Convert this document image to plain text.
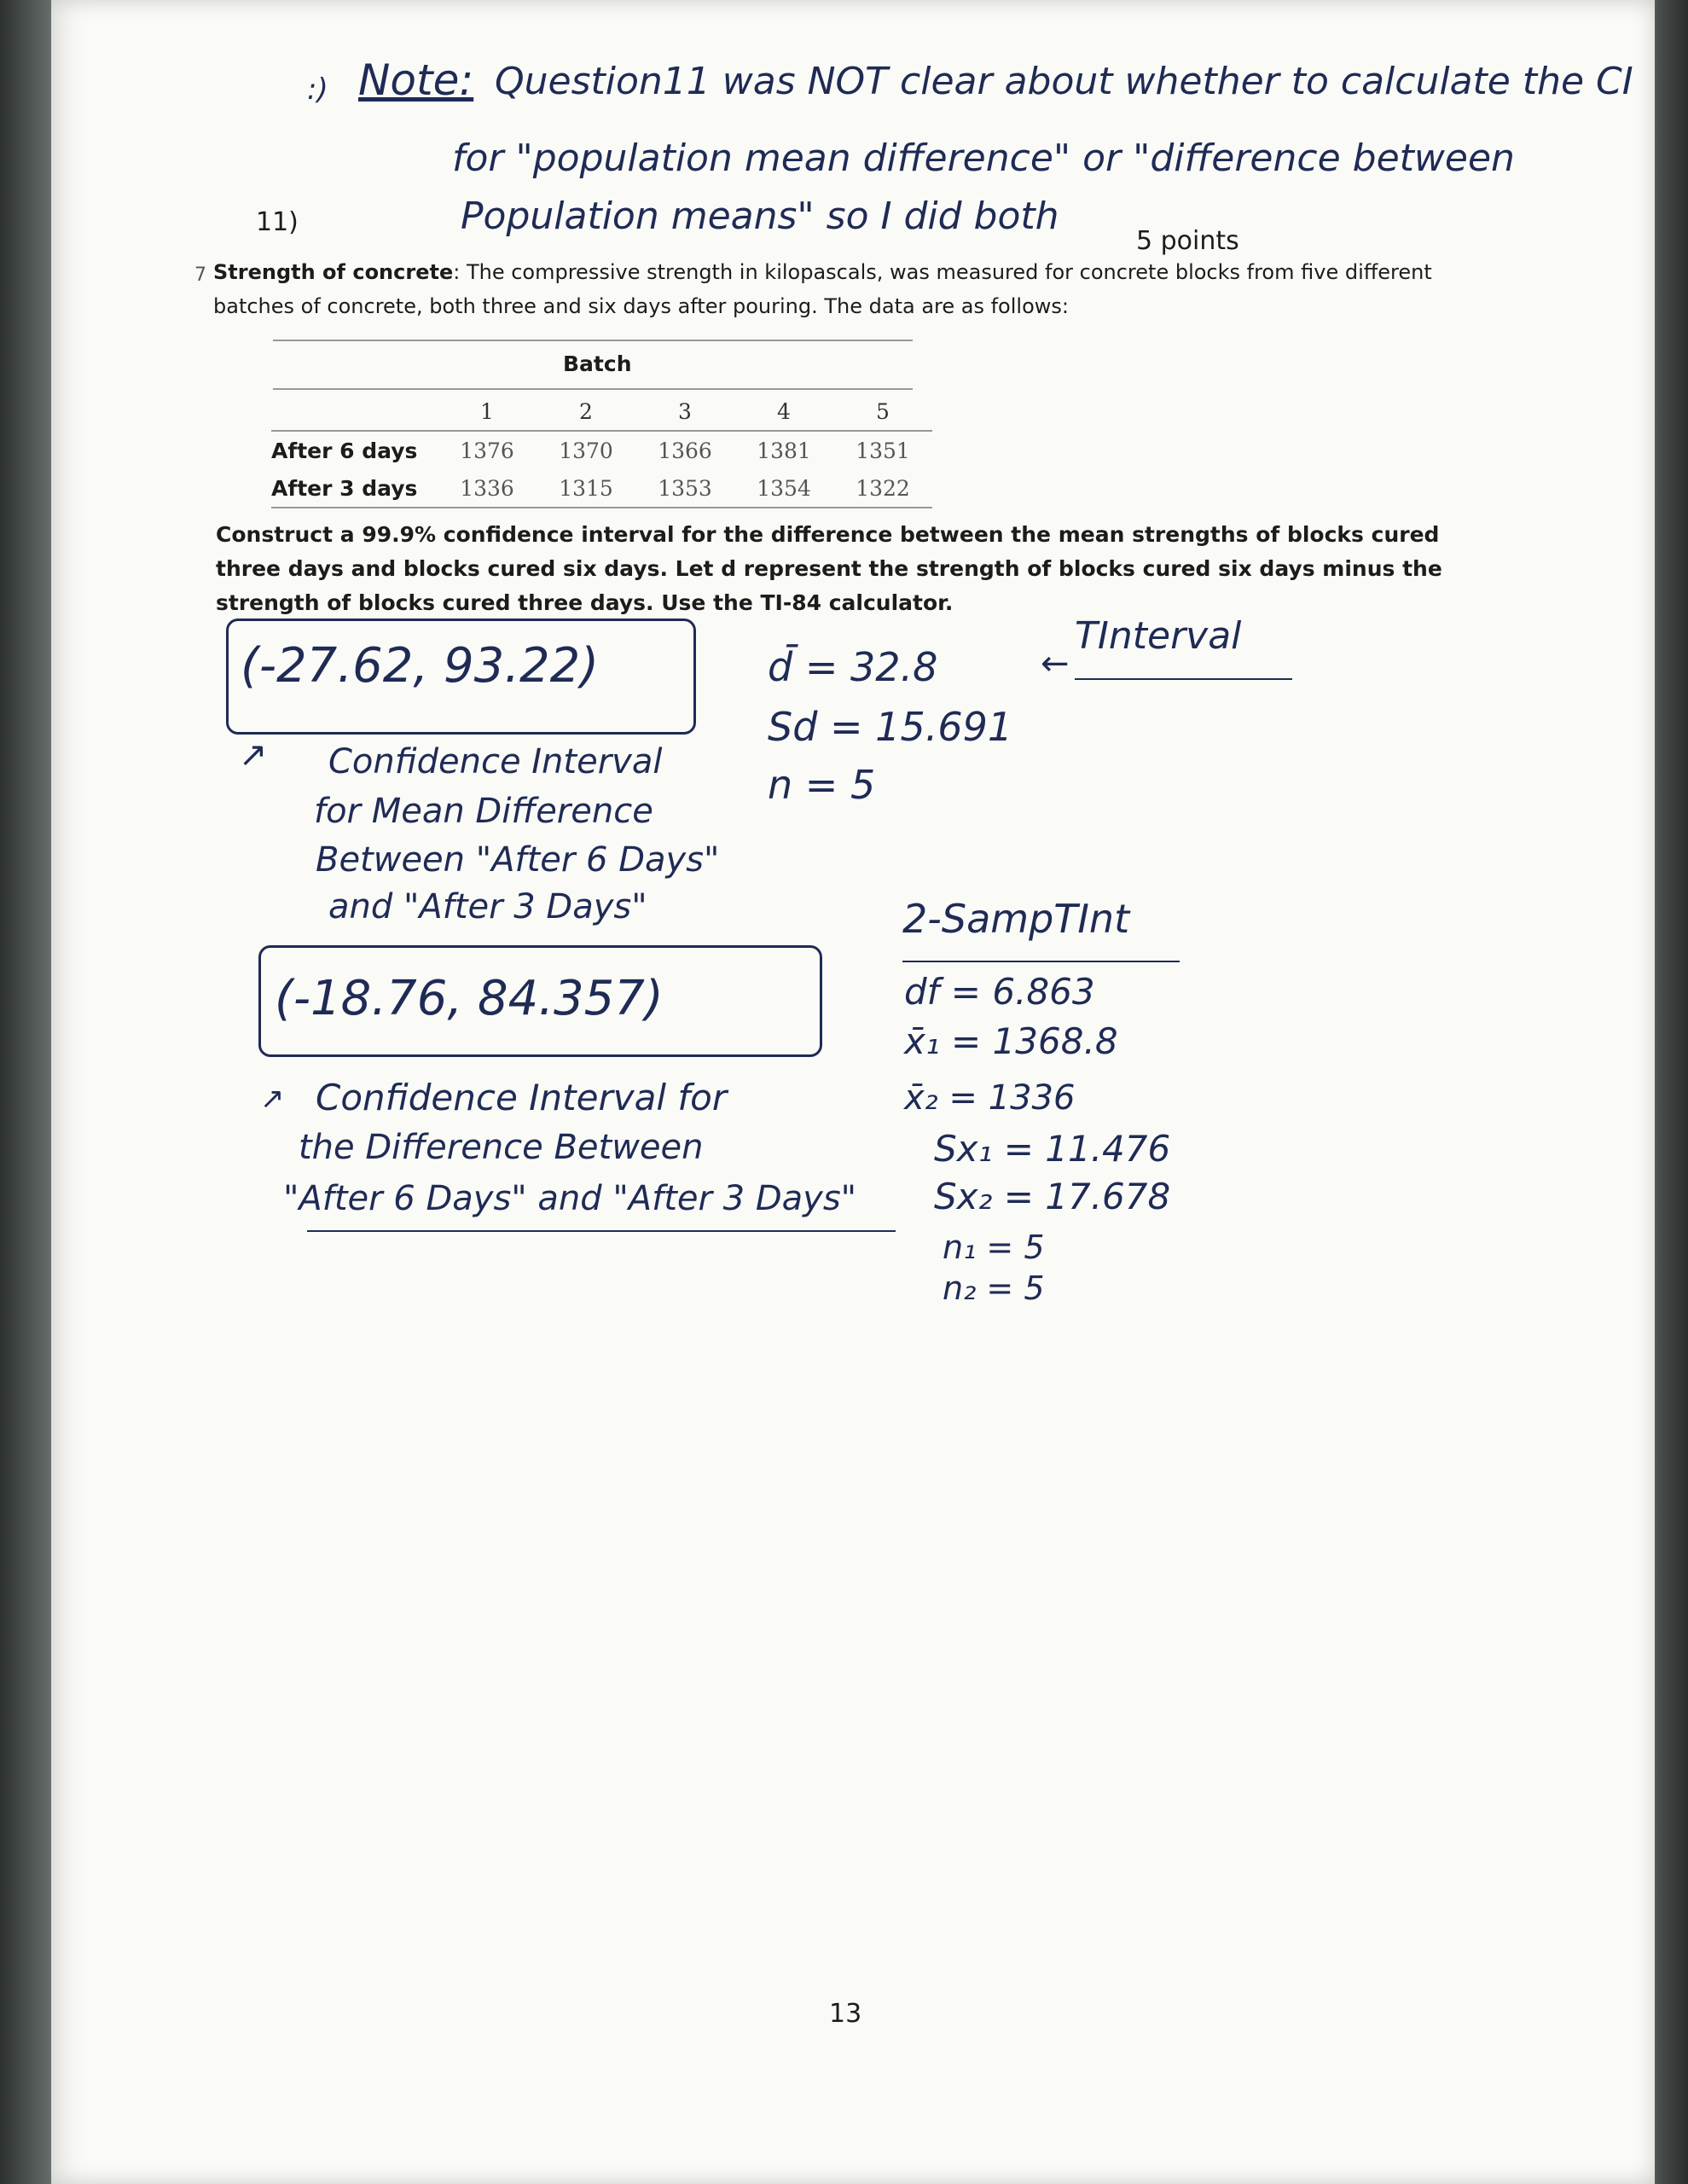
:) Note: Question11 was NOT clear about whether to calculate the CI
for "population mean difference" or "difference between
Population means" so I did both
11)
5 points
7 Strength of concrete: The compressive strength in kilopascals, was measured for concrete blocks from five different
batches of concrete, both three and six days after pouring. The data are as follows:
Batch
	1	2	3	4	5
After 6 days	1376	1370	1366	1381	1351
After 3 days	1336	1315	1353	1354	1322
Construct a 99.9% confidence interval for the difference between the mean strengths of blocks cured
three days and blocks cured six days. Let d represent the strength of blocks cured six days minus the
strength of blocks cured three days. Use the TI-84 calculator.
(-27.62, 93.22)	d̄ = 32.8	←
TInterval
Sd = 15.691
n = 5
↗ Confidence Interval
for Mean Difference
Between "After 6 Days"
and "After 3 Days"	2-SampTInt
(-18.76, 84.357)	df = 6.863
x̄₁ = 1368.8
x̄₂ = 1336
Sx₁ = 11.476
Sx₂ = 17.678
n₁ = 5
n₂ = 5
↗ Confidence Interval for
the Difference Between
"After 6 Days" and "After 3 Days"
13
